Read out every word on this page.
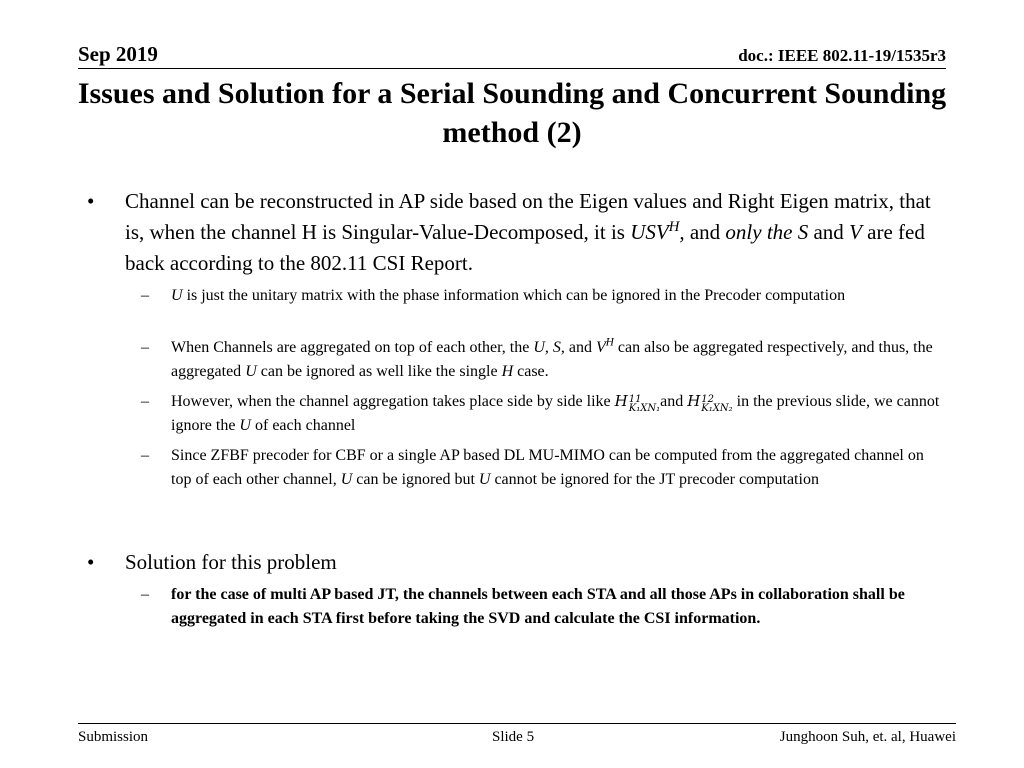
Sep 2019	doc.: IEEE 802.11-19/1535r3
Issues and Solution for a Serial Sounding and Concurrent Sounding method (2)
• Channel can be reconstructed in AP side based on the Eigen values and Right Eigen matrix, that is, when the channel H is Singular-Value-Decomposed, it is $USV^H$, and only the S and V are fed back according to the 802.11 CSI Report.
– U is just the unitary matrix with the phase information which can be ignored in the Precoder computation
– When Channels are aggregated on top of each other, the U, S, and $V^H$ can also be aggregated respectively, and thus, the aggregated U can be ignored as well like the single H case.
– However, when the channel aggregation takes place side by side like H 11
K₁XN₁ and H 12
K₁XN₂ in the previous slide, we cannot ignore the U of each channel
– Since ZFBF precoder for CBF or a single AP based DL MU-MIMO can be computed from the aggregated channel on top of each other channel, U can be ignored but U cannot be ignored for the JT precoder computation
• Solution for this problem
– for the case of multi AP based JT, the channels between each STA and all those APs in collaboration shall be aggregated in each STA first before taking the SVD and calculate the CSI information.
Submission	Slide 5	Junghoon Suh, et. al, Huawei
